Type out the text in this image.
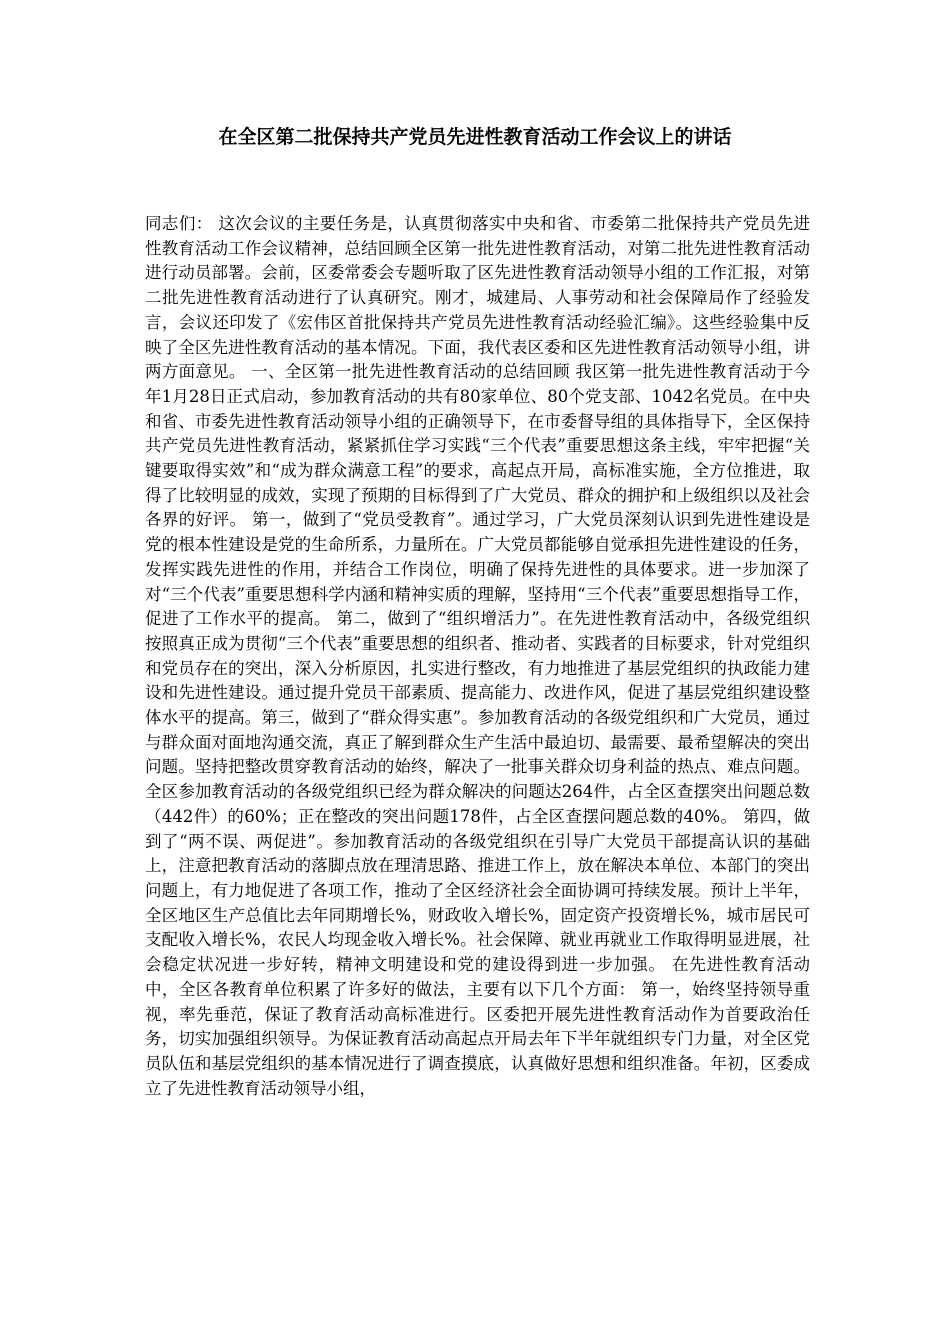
在全区第二批保持共产党员先进性教育活动工作会议上的讲话

同志们： 这次会议的主要任务是，认真贯彻落实中央和省、市委第二批保持共产党员先进性教育活动工作会议精神，总结回顾全区第一批先进性教育活动，对第二批先进性教育活动进行动员部署。会前，区委常委会专题听取了区先进性教育活动领导小组的工作汇报，对第二批先进性教育活动进行了认真研究。刚才，城建局、人事劳动和社会保障局作了经验发言，会议还印发了《宏伟区首批保持共产党员先进性教育活动经验汇编》。这些经验集中反映了全区先进性教育活动的基本情况。下面，我代表区委和区先进性教育活动领导小组，讲两方面意见。 一、全区第一批先进性教育活动的总结回顾 我区第一批先进性教育活动于今年1月28日正式启动，参加教育活动的共有80家单位、80个党支部、1042名党员。在中央和省、市委先进性教育活动领导小组的正确领导下，在市委督导组的具体指导下，全区保持共产党员先进性教育活动，紧紧抓住学习实践“三个代表”重要思想这条主线，牢牢把握“关键要取得实效”和“成为群众满意工程”的要求，高起点开局，高标准实施，全方位推进，取得了比较明显的成效，实现了预期的目标得到了广大党员、群众的拥护和上级组织以及社会各界的好评。 第一，做到了“党员受教育”。通过学习，广大党员深刻认识到先进性建设是党的根本性建设是党的生命所系，力量所在。广大党员都能够自觉承担先进性建设的任务，发挥实践先进性的作用，并结合工作岗位，明确了保持先进性的具体要求。进一步加深了对“三个代表”重要思想科学内涵和精神实质的理解，坚持用“三个代表”重要思想指导工作，促进了工作水平的提高。 第二，做到了“组织增活力”。在先进性教育活动中，各级党组织按照真正成为贯彻“三个代表”重要思想的组织者、推动者、实践者的目标要求，针对党组织和党员存在的突出，深入分析原因，扎实进行整改，有力地推进了基层党组织的执政能力建设和先进性建设。通过提升党员干部素质、提高能力、改进作风，促进了基层党组织建设整体水平的提高。第三，做到了“群众得实惠”。参加教育活动的各级党组织和广大党员，通过与群众面对面地沟通交流，真正了解到群众生产生活中最迫切、最需要、最希望解决的突出问题。坚持把整改贯穿教育活动的始终，解决了一批事关群众切身利益的热点、难点问题。全区参加教育活动的各级党组织已经为群众解决的问题达264件，占全区查摆突出问题总数（442件）的60%；正在整改的突出问题178件，占全区查摆问题总数的40%。 第四，做到了“两不误、两促进”。参加教育活动的各级党组织在引导广大党员干部提高认识的基础上，注意把教育活动的落脚点放在理清思路、推进工作上，放在解决本单位、本部门的突出问题上，有力地促进了各项工作，推动了全区经济社会全面协调可持续发展。预计上半年，全区地区生产总值比去年同期增长%，财政收入增长%，固定资产投资增长%，城市居民可支配收入增长%，农民人均现金收入增长%。社会保障、就业再就业工作取得明显进展，社会稳定状况进一步好转，精神文明建设和党的建设得到进一步加强。 在先进性教育活动中，全区各教育单位积累了许多好的做法，主要有以下几个方面： 第一，始终坚持领导重视，率先垂范，保证了教育活动高标准进行。区委把开展先进性教育活动作为首要政治任务，切实加强组织领导。为保证教育活动高起点开局去年下半年就组织专门力量，对全区党员队伍和基层党组织的基本情况进行了调查摸底，认真做好思想和组织准备。年初，区委成立了先进性教育活动领导小组，
